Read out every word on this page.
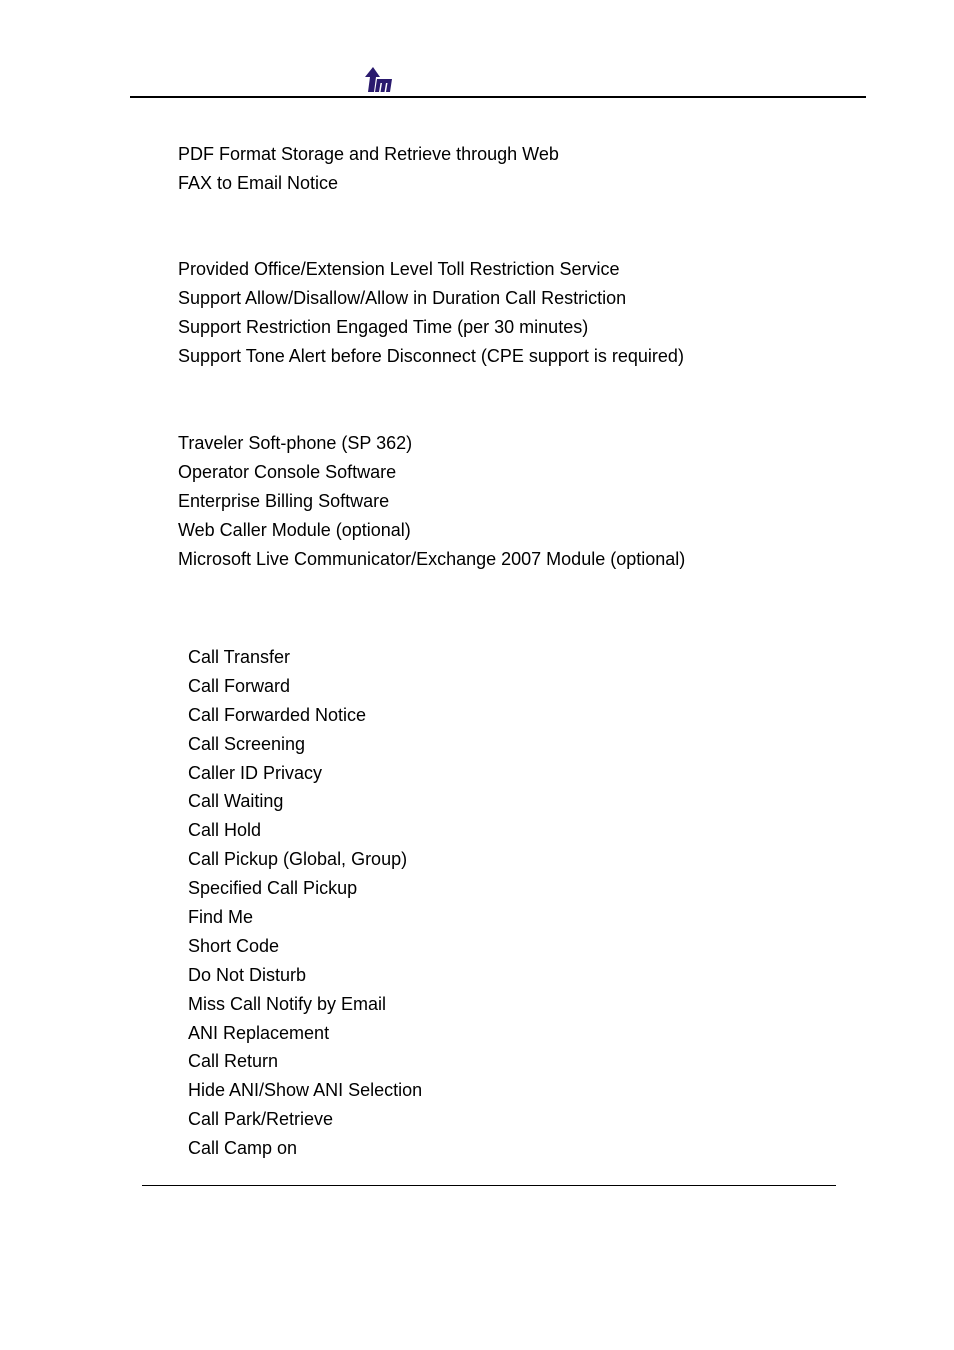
PDF Format Storage and Retrieve through Web
FAX to Email Notice
Provided Office/Extension Level Toll Restriction Service
Support Allow/Disallow/Allow in Duration Call Restriction
Support Restriction Engaged Time (per 30 minutes)
Support Tone Alert before Disconnect (CPE support is required)
Traveler Soft-phone (SP 362)
Operator Console Software
Enterprise Billing Software
Web Caller Module (optional)
Microsoft Live Communicator/Exchange 2007 Module (optional)
Call Transfer
Call Forward
Call Forwarded Notice
Call Screening
Caller ID Privacy
Call Waiting
Call Hold
Call Pickup (Global, Group)
Specified Call Pickup
Find Me
Short Code
Do Not Disturb
Miss Call Notify by Email
ANI Replacement
Call Return
Hide ANI/Show ANI Selection
Call Park/Retrieve
Call Camp on
